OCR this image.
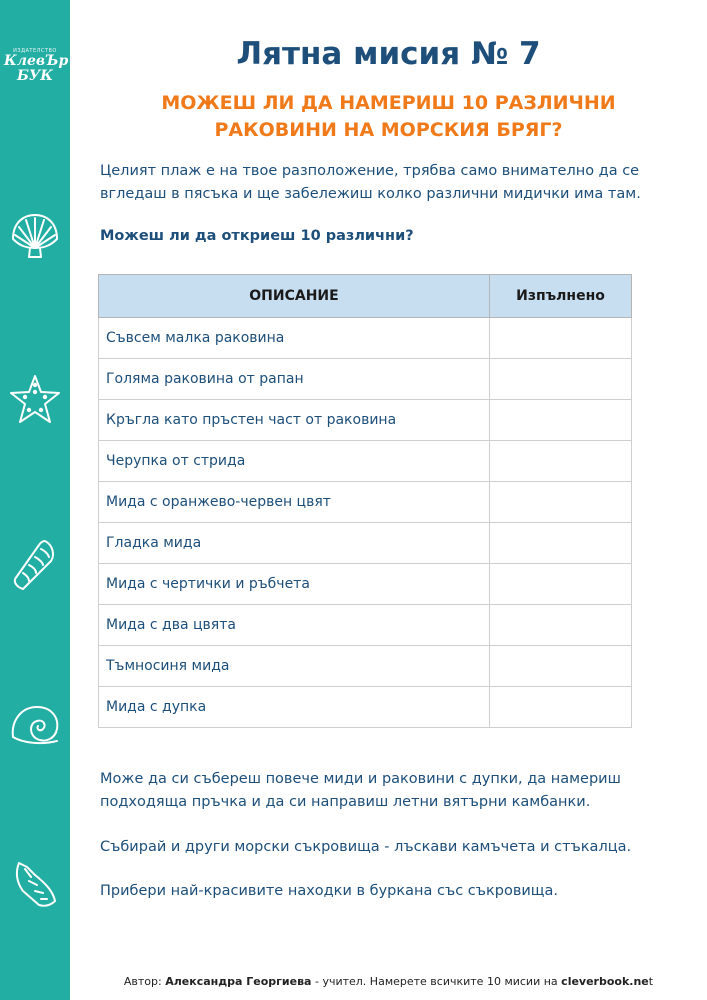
ИЗДАТЕЛСТВО
КлевЪр
БУК
Лятна мисия № 7
МОЖЕШ ЛИ ДА НАМЕРИШ 10 РАЗЛИЧНИ
РАКОВИНИ НА МОРСКИЯ БРЯГ?
Целият плаж е на твое разположение, трябва само внимателно да се
вгледаш в пясъка и ще забележиш колко различни мидички има там.
Можеш ли да откриеш 10 различни?
ОПИСАНИЕ	Изпълнено
Съвсем малка раковина	
Голяма раковина от рапан	
Кръгла като пръстен част от раковина	
Черупка от стрида	
Мида с оранжево-червен цвят	
Гладка мида	
Мида с чертички и ръбчета	
Мида с два цвята	
Тъмносиня мида	
Мида с дупка	
Може да си събереш повече миди и раковини с дупки, да намериш
подходяща пръчка и да си направиш летни вятърни камбанки.
Събирай и други морски съкровища - лъскави камъчета и стъкалца.
Прибери най-красивите находки в буркана със съкровища.
Автор: Александра Георгиева - учител. Намерете всичките 10 мисии на cleverbook.net
